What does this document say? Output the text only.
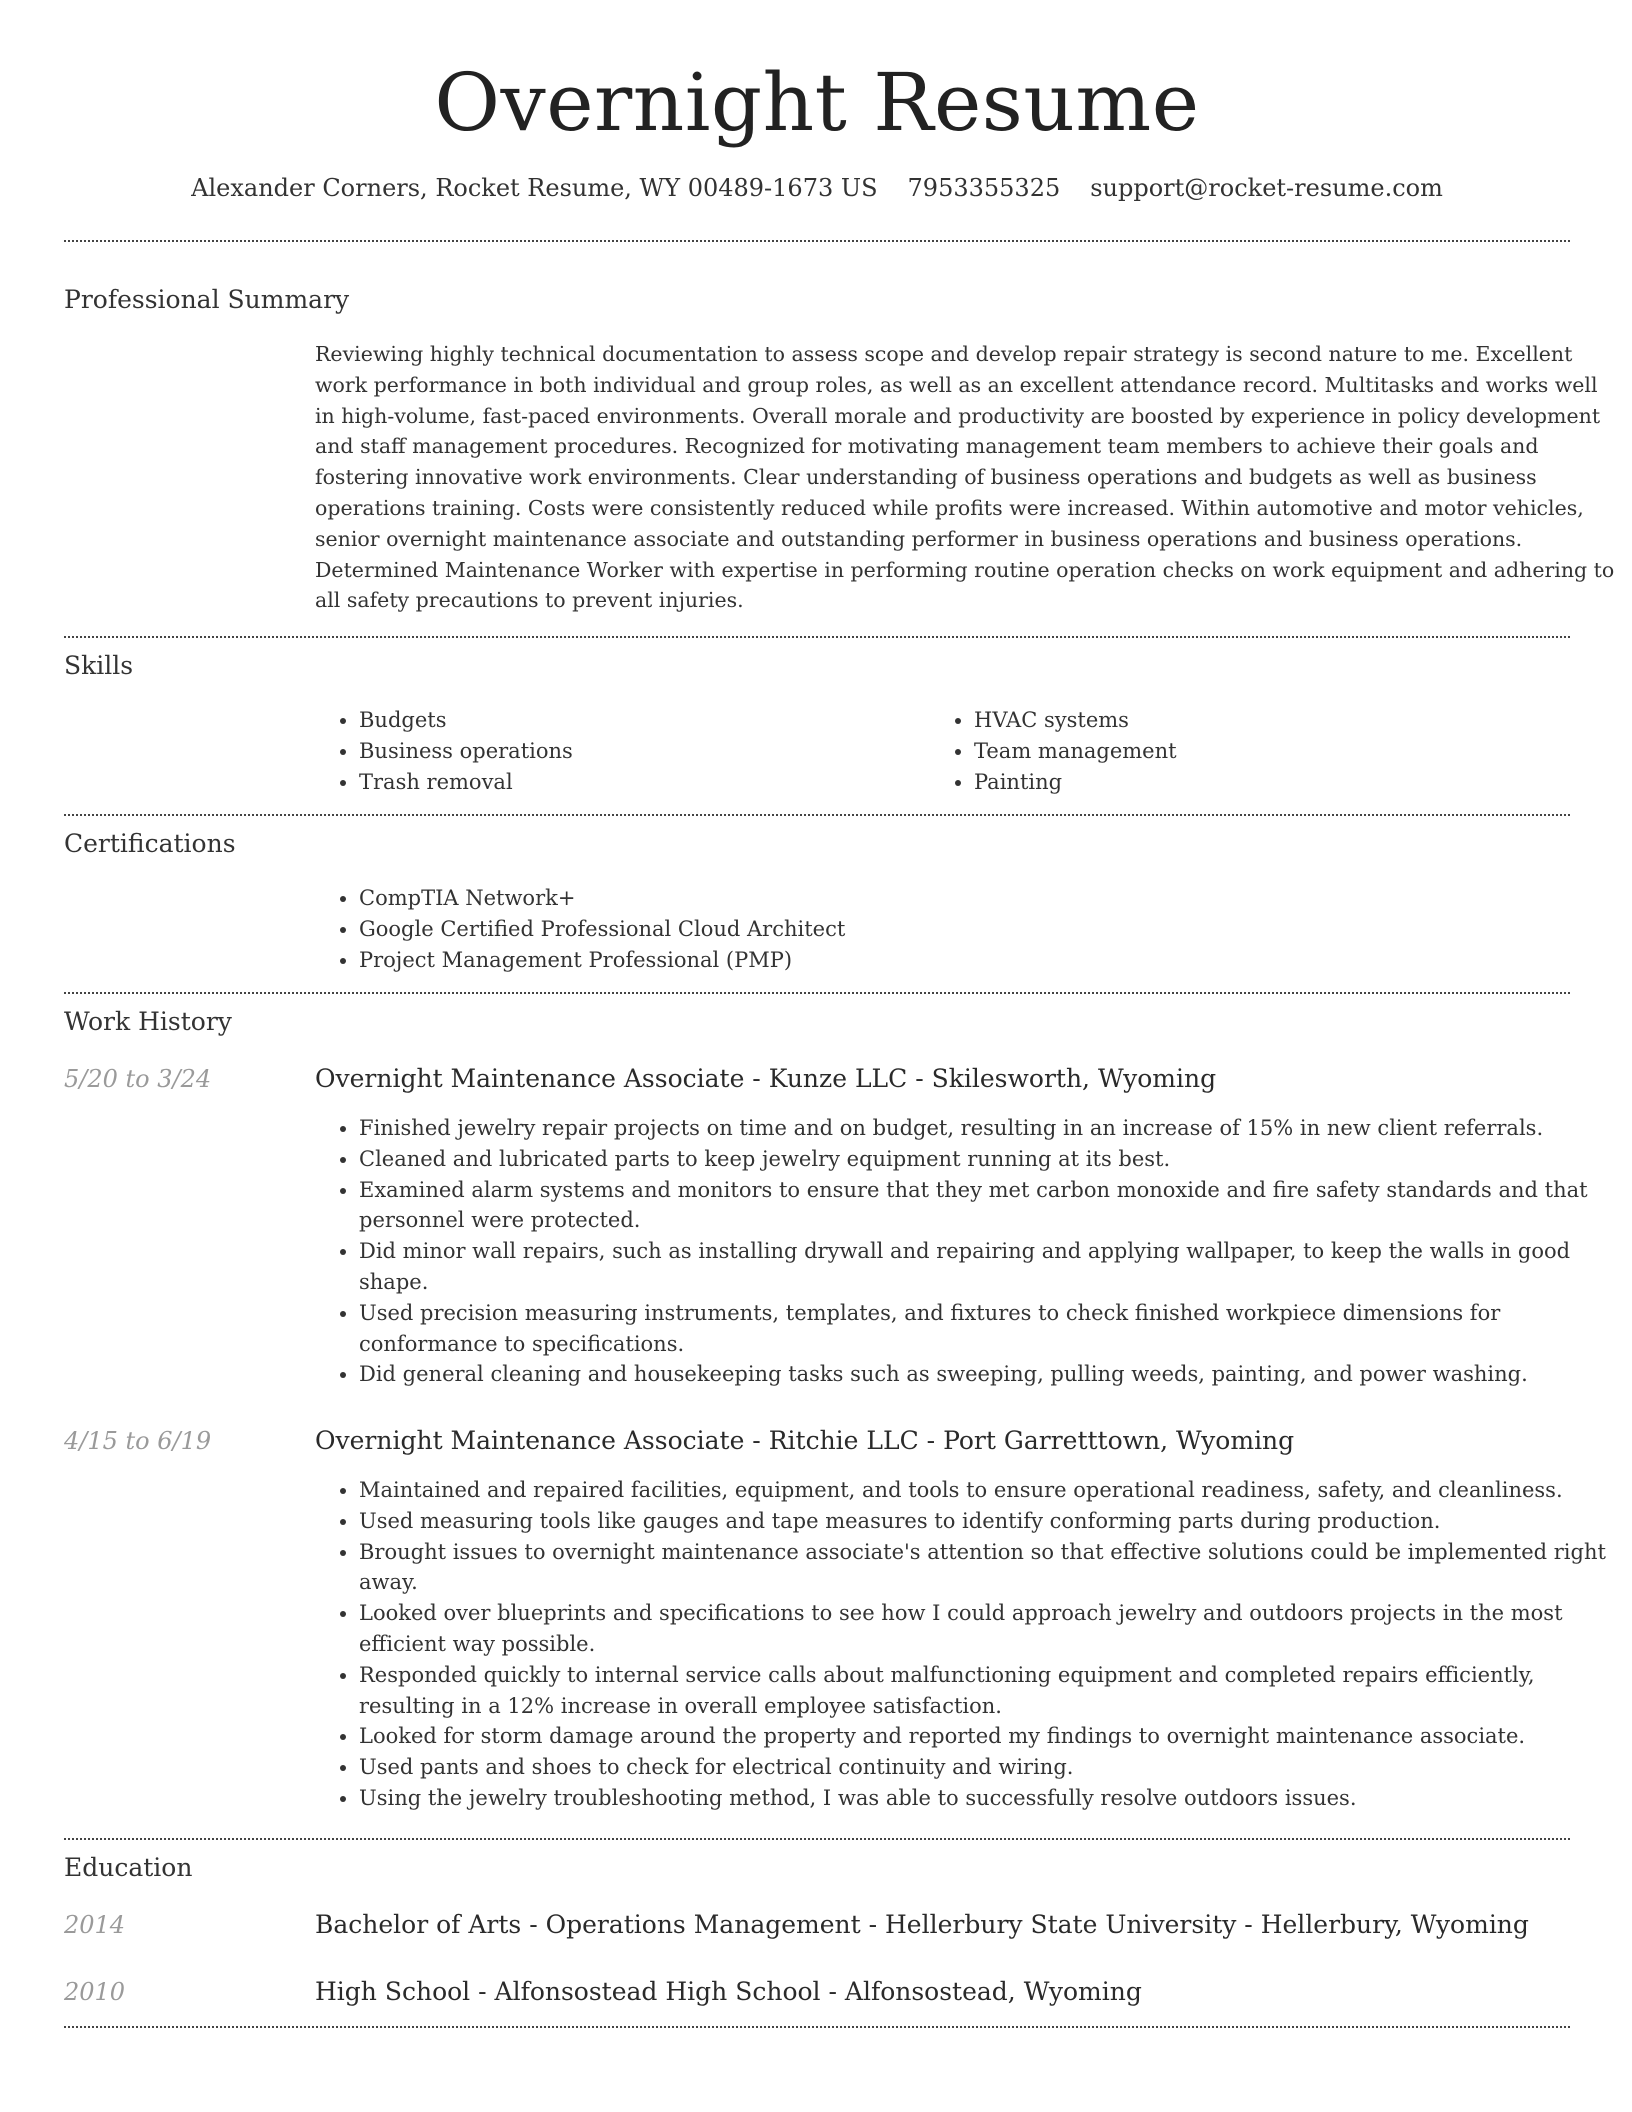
Overnight Resume
Alexander Corners, Rocket Resume, WY 00489-1673 US 7953355325 support@rocket-resume.com
Professional Summary
Reviewing highly technical documentation to assess scope and develop repair strategy is second nature to me. Excellent work performance in both individual and group roles, as well as an excellent attendance record. Multitasks and works well in high-volume, fast-paced environments. Overall morale and productivity are boosted by experience in policy development and staff management procedures. Recognized for motivating management team members to achieve their goals and fostering innovative work environments. Clear understanding of business operations and budgets as well as business operations training. Costs were consistently reduced while profits were increased. Within automotive and motor vehicles, senior overnight maintenance associate and outstanding performer in business operations and business operations. Determined Maintenance Worker with expertise in performing routine operation checks on work equipment and adhering to all safety precautions to prevent injuries.
Skills
• Budgets
• Business operations
• Trash removal
• HVAC systems
• Team management
• Painting
Certifications
• CompTIA Network+
• Google Certified Professional Cloud Architect
• Project Management Professional (PMP)
Work History
5/20 to 3/24	Overnight Maintenance Associate - Kunze LLC - Skilesworth, Wyoming
• Finished jewelry repair projects on time and on budget, resulting in an increase of 15% in new client referrals.
• Cleaned and lubricated parts to keep jewelry equipment running at its best.
• Examined alarm systems and monitors to ensure that they met carbon monoxide and fire safety standards and that personnel were protected.
• Did minor wall repairs, such as installing drywall and repairing and applying wallpaper, to keep the walls in good shape.
• Used precision measuring instruments, templates, and fixtures to check finished workpiece dimensions for conformance to specifications.
• Did general cleaning and housekeeping tasks such as sweeping, pulling weeds, painting, and power washing.
4/15 to 6/19	Overnight Maintenance Associate - Ritchie LLC - Port Garretttown, Wyoming
• Maintained and repaired facilities, equipment, and tools to ensure operational readiness, safety, and cleanliness.
• Used measuring tools like gauges and tape measures to identify conforming parts during production.
• Brought issues to overnight maintenance associate's attention so that effective solutions could be implemented right away.
• Looked over blueprints and specifications to see how I could approach jewelry and outdoors projects in the most efficient way possible.
• Responded quickly to internal service calls about malfunctioning equipment and completed repairs efficiently, resulting in a 12% increase in overall employee satisfaction.
• Looked for storm damage around the property and reported my findings to overnight maintenance associate.
• Used pants and shoes to check for electrical continuity and wiring.
• Using the jewelry troubleshooting method, I was able to successfully resolve outdoors issues.
Education
2014	Bachelor of Arts - Operations Management - Hellerbury State University - Hellerbury, Wyoming
2010	High School - Alfonsostead High School - Alfonsostead, Wyoming
